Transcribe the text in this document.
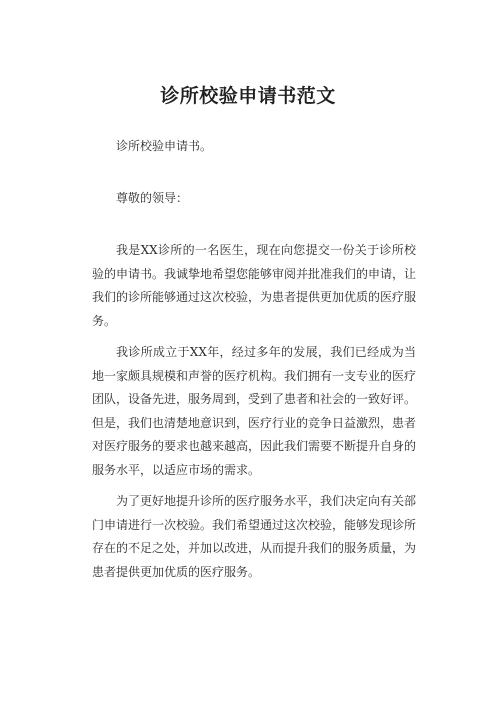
诊所校验申请书范文

诊所校验申请书。

尊敬的领导：

我是XX诊所的一名医生，现在向您提交一份关于诊所校验的申请书。我诚挚地希望您能够审阅并批准我们的申请，让我们的诊所能够通过这次校验，为患者提供更加优质的医疗服务。

我诊所成立于XX年，经过多年的发展，我们已经成为当地一家颇具规模和声誉的医疗机构。我们拥有一支专业的医疗团队，设备先进，服务周到，受到了患者和社会的一致好评。但是，我们也清楚地意识到，医疗行业的竞争日益激烈，患者对医疗服务的要求也越来越高，因此我们需要不断提升自身的服务水平，以适应市场的需求。

为了更好地提升诊所的医疗服务水平，我们决定向有关部门申请进行一次校验。我们希望通过这次校验，能够发现诊所存在的不足之处，并加以改进，从而提升我们的服务质量，为患者提供更加优质的医疗服务。
